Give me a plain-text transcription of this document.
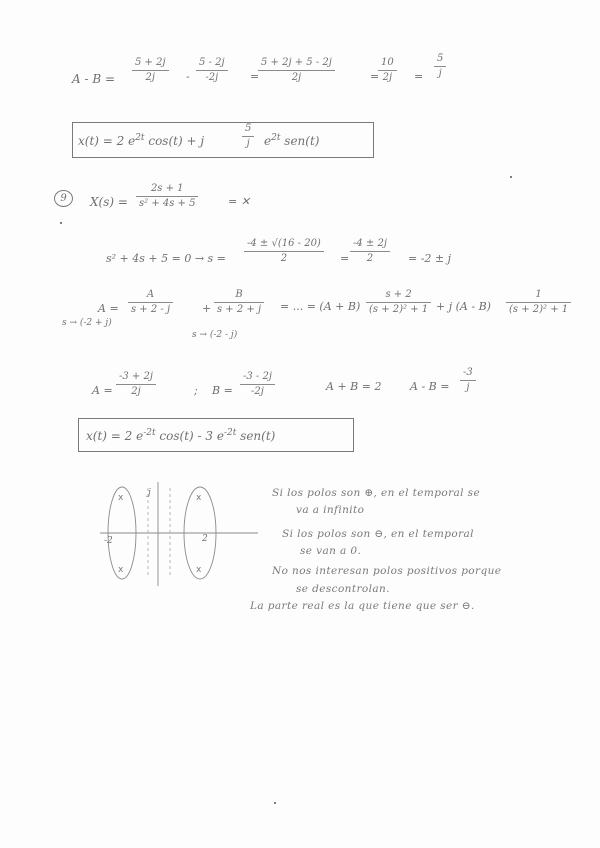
$A - B = \frac{5 + 2j}{2j} - \frac{5 - 2j}{-2j}$ =
$\frac{5 + 2j + 5 - 2j}{2j}$	=
$\frac{10}{2j} = \frac{5}{j}$
x(t) = 2 $e^{2t}$ cos(t) + j	$\frac{5}{j} e^{2t}$ sen(t)
9	$X(s) = \frac{2s + 1}{\text{s² + 4s + 5}}$	= ✕
$s^2 + 4s + 5 = 0 \to s = \frac{-4 \pm √(16 - 20)}{2} = \frac{-4 \pm 2j}{2} = -2 \pm j$
$A = \frac{A}{s + 2 - j}$	+ $\frac{B}{s + 2 + j}$ = ... = $(A + B) \frac{s + 2}{\text{(s + 2)² + 1}} + j$ $(A - B) \frac{1}{\text{(s + 2)² + 1}}$
s → (-2 + j)
s → (-2 - j)
$A = \frac{-3 + 2j}{2j}$	; $B = \frac{-3 - 2j}{-2j}$	A + B = 2	$A - B = \frac{-3}{j}$
x(t) = 2 $e^{-2t}$ cos(t) - 3 $e^{-2t}$ sen(t)
x
x
x
x
j
-2	2
Si los polos son ⊕, en el temporal se
va a infinito
Si los polos son ⊖, en el temporal
se van a 0.
No nos interesan polos positivos porque
se descontrolan.
La parte real es la que tiene que ser ⊖.
